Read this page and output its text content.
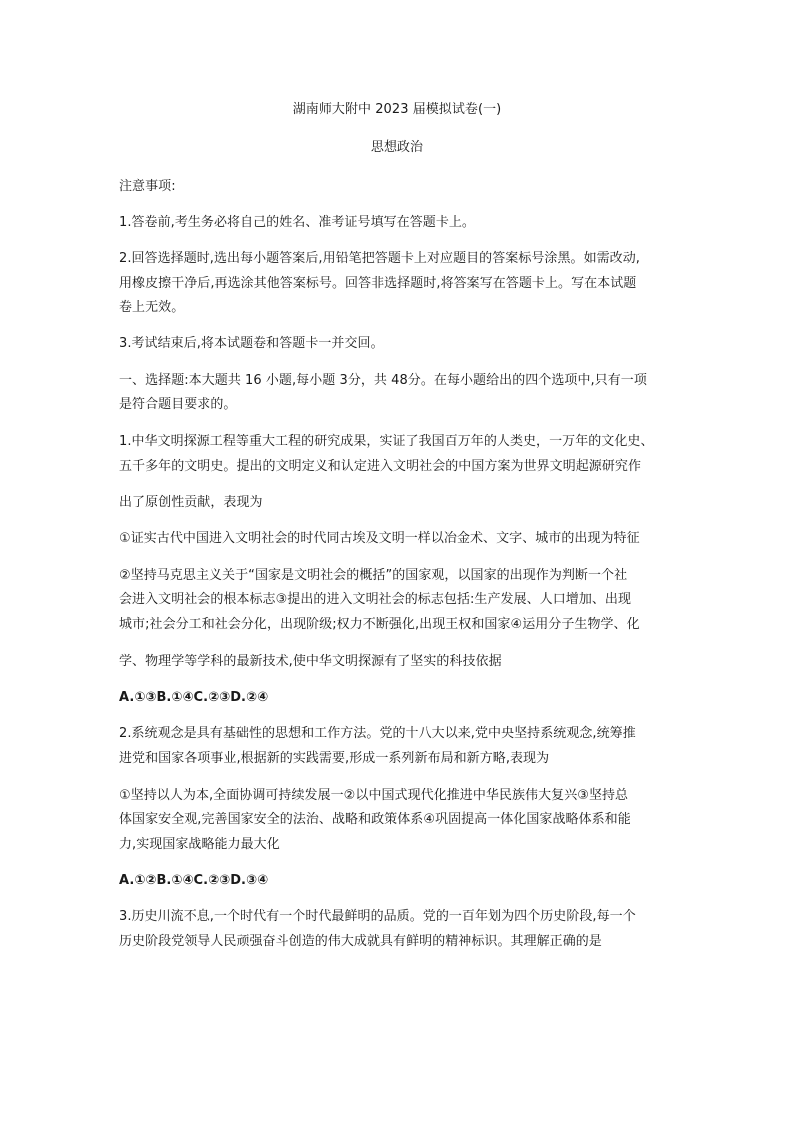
湖南师大附中 2023 届模拟试卷(一)
思想政治
注意事项:
1.答卷前,考生务必将自己的姓名、准考证号填写在答题卡上。
2.回答选择题时,选出每小题答案后,用铅笔把答题卡上对应题目的答案标号涂黑。如需改动,
用橡皮擦干净后,再选涂其他答案标号。回答非选择题时,将答案写在答题卡上。写在本试题
卷上无效。
3.考试结束后,将本试题卷和答题卡一并交回。
一、选择题:本大题共 16 小题,每小题 3分，共 48分。在每小题给出的四个选项中,只有一项
是符合题目要求的。
1.中华文明探源工程等重大工程的研究成果，实证了我国百万年的人类史，一万年的文化史、
五千多年的文明史。提出的文明定义和认定进入文明社会的中国方案为世界文明起源研究作
出了原创性贡献，表现为
①证实古代中国进入文明社会的时代同古埃及文明一样以冶金术、文字、城市的出现为特征
②坚持马克思主义关于“国家是文明社会的概括”的国家观，以国家的出现作为判断一个社
会进入文明社会的根本标志③提出的进入文明社会的标志包括:生产发展、人口增加、出现
城市;社会分工和社会分化，出现阶级;权力不断强化,出现王权和国家④运用分子生物学、化
学、物理学等学科的最新技术,使中华文明探源有了坚实的科技依据
A.①③B.①④C.②③D.②④
2.系统观念是具有基础性的思想和工作方法。党的十八大以来,党中央坚持系统观念,统筹推
进党和国家各项事业,根据新的实践需要,形成一系列新布局和新方略,表现为
①坚持以人为本,全面协调可持续发展一②以中国式现代化推进中华民族伟大复兴③坚持总
体国家安全观,完善国家安全的法治、战略和政策体系④巩固提高一体化国家战略体系和能
力,实现国家战略能力最大化
A.①②B.①④C.②③D.③④
3.历史川流不息,一个时代有一个时代最鲜明的品质。党的一百年划为四个历史阶段,每一个
历史阶段党领导人民顽强奋斗创造的伟大成就具有鲜明的精神标识。其理解正确的是
